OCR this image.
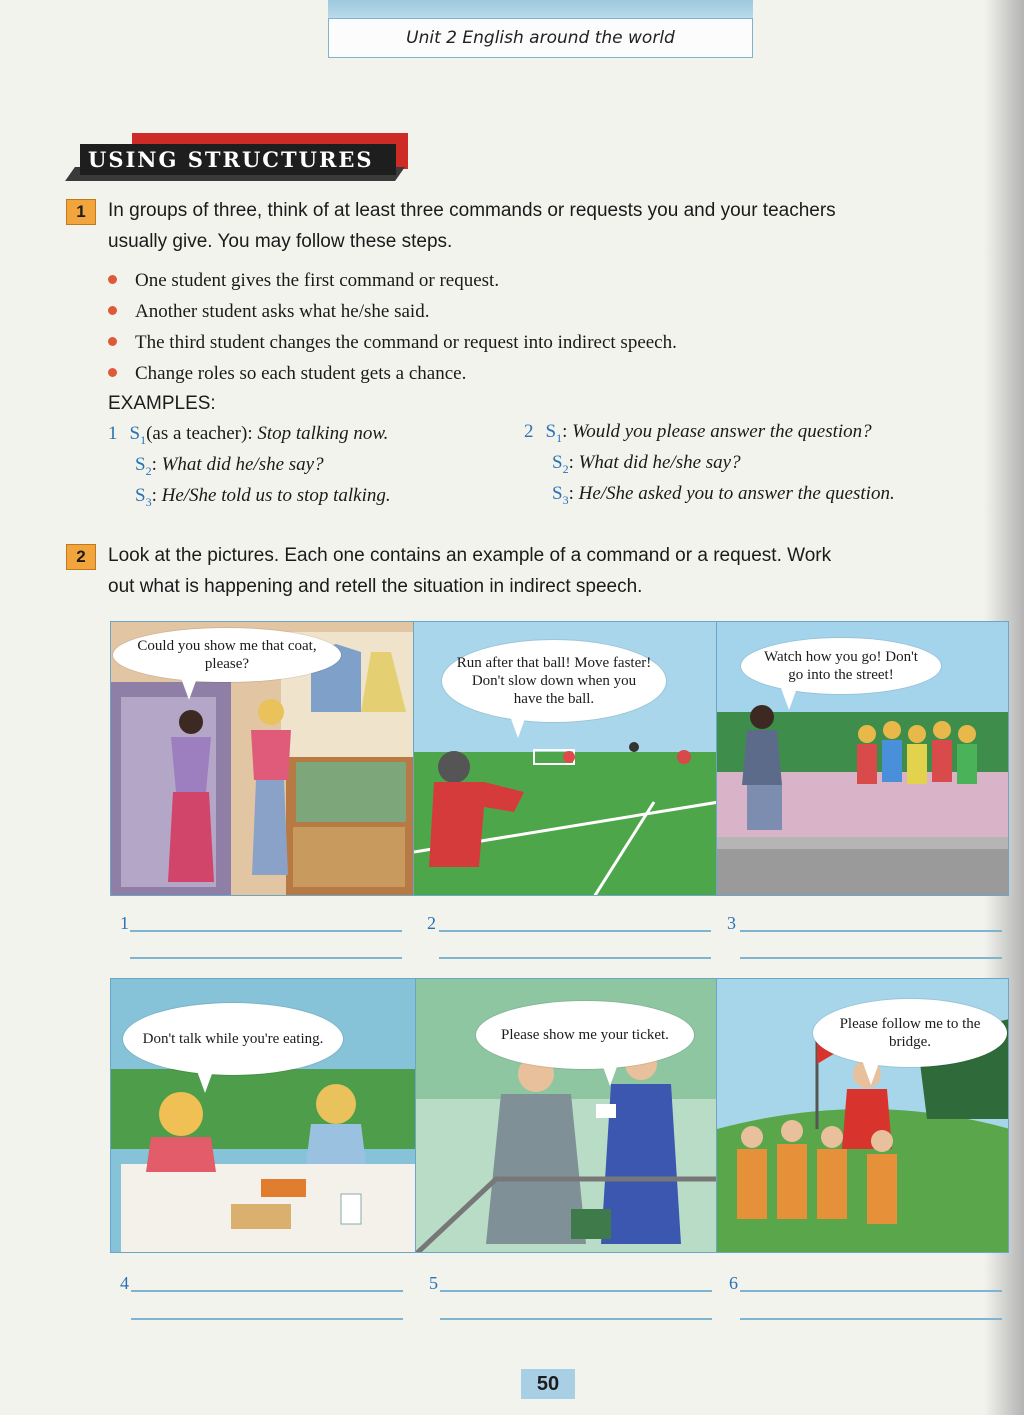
Unit 2 English around the world
USING STRUCTURES
1	In groups of three, think of at least three commands or requests you and your teachers
usually give. You may follow these steps.
One student gives the first command or request.
Another student asks what he/she said.
The third student changes the command or request into indirect speech.
Change roles so each student gets a chance.
EXAMPLES:
1 $S_1(as$ a teacher): Stop talking now.
$S_2$: What did he/she say?
$S_3$: He/She told us to stop talking.
2 $S_1$: Would you please answer the question?
$S_2$: What did he/she say?
$S_3$: He/She asked you to answer the question.
2	Look at the pictures. Each one contains an example of a command or a request. Work
out what is happening and retell the situation in indirect speech.
Could you show me that coat, please?	Run after that ball! Move faster! Don't slow down when you have the ball.
Watch how you go! Don't go into the street!
1	2	3
Don't talk while you're eating.	Please show me your ticket.
Please follow me to the bridge.
4	5	6
50
